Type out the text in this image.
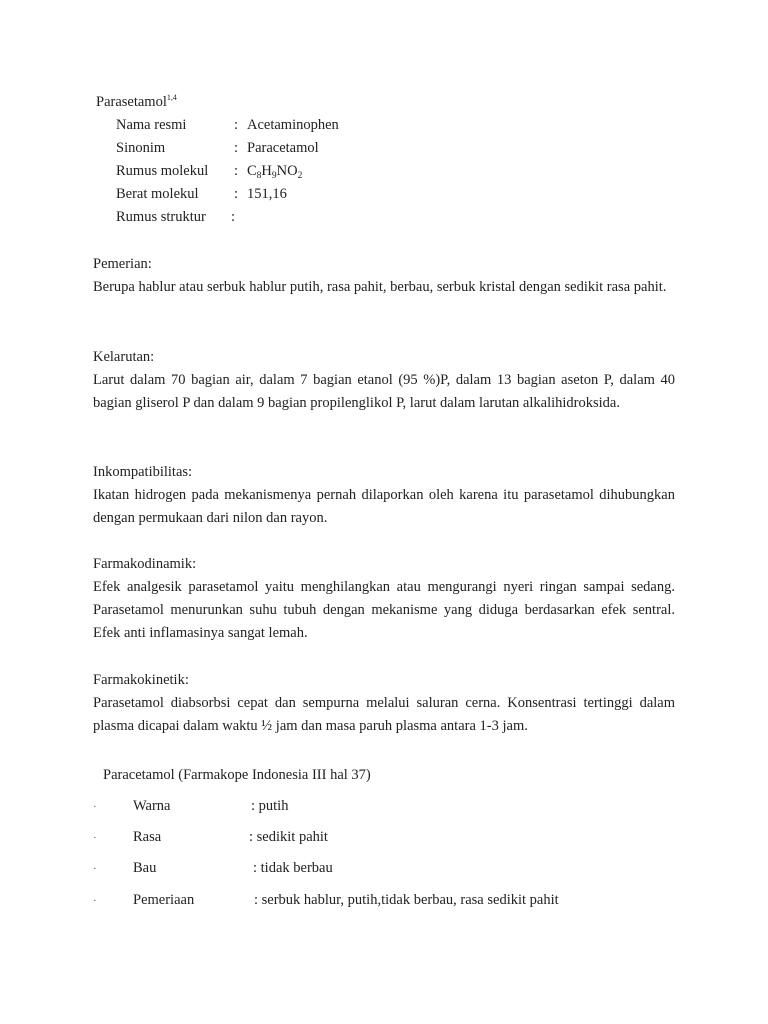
Parasetamol$^{1,4}$
Nama resmi	: Acetaminophen
Sinonim	: Paracetamol
Rumus molekul : $C_8H_9NO_2$
Berat molekul : 151,16
Rumus struktur :
Pemerian:
Berupa hablur atau serbuk hablur putih, rasa pahit, berbau, serbuk kristal dengan sedikit rasa pahit.
Kelarutan:
Larut dalam 70 bagian air, dalam 7 bagian etanol (95 %)P, dalam 13 bagian aseton P, dalam 40 bagian gliserol P dan dalam 9 bagian propilenglikol P, larut dalam larutan alkalihidroksida.
Inkompatibilitas:
Ikatan hidrogen pada mekanismenya pernah dilaporkan oleh karena itu parasetamol dihubungkan dengan permukaan dari nilon dan rayon.
Farmakodinamik:
Efek analgesik parasetamol yaitu menghilangkan atau mengurangi nyeri ringan sampai sedang. Parasetamol menurunkan suhu tubuh dengan mekanisme yang diduga berdasarkan efek sentral. Efek anti inflamasinya sangat lemah.
Farmakokinetik:
Parasetamol diabsorbsi cepat dan sempurna melalui saluran cerna. Konsentrasi tertinggi dalam plasma dicapai dalam waktu ½ jam dan masa paruh plasma antara 1-3 jam.
Paracetamol (Farmakope Indonesia III hal 37)
·	Warna	: putih
·	Rasa	: sedikit pahit
·	Bau	: tidak berbau
·	Pemeriaan	: serbuk hablur, putih,tidak berbau, rasa sedikit pahit
